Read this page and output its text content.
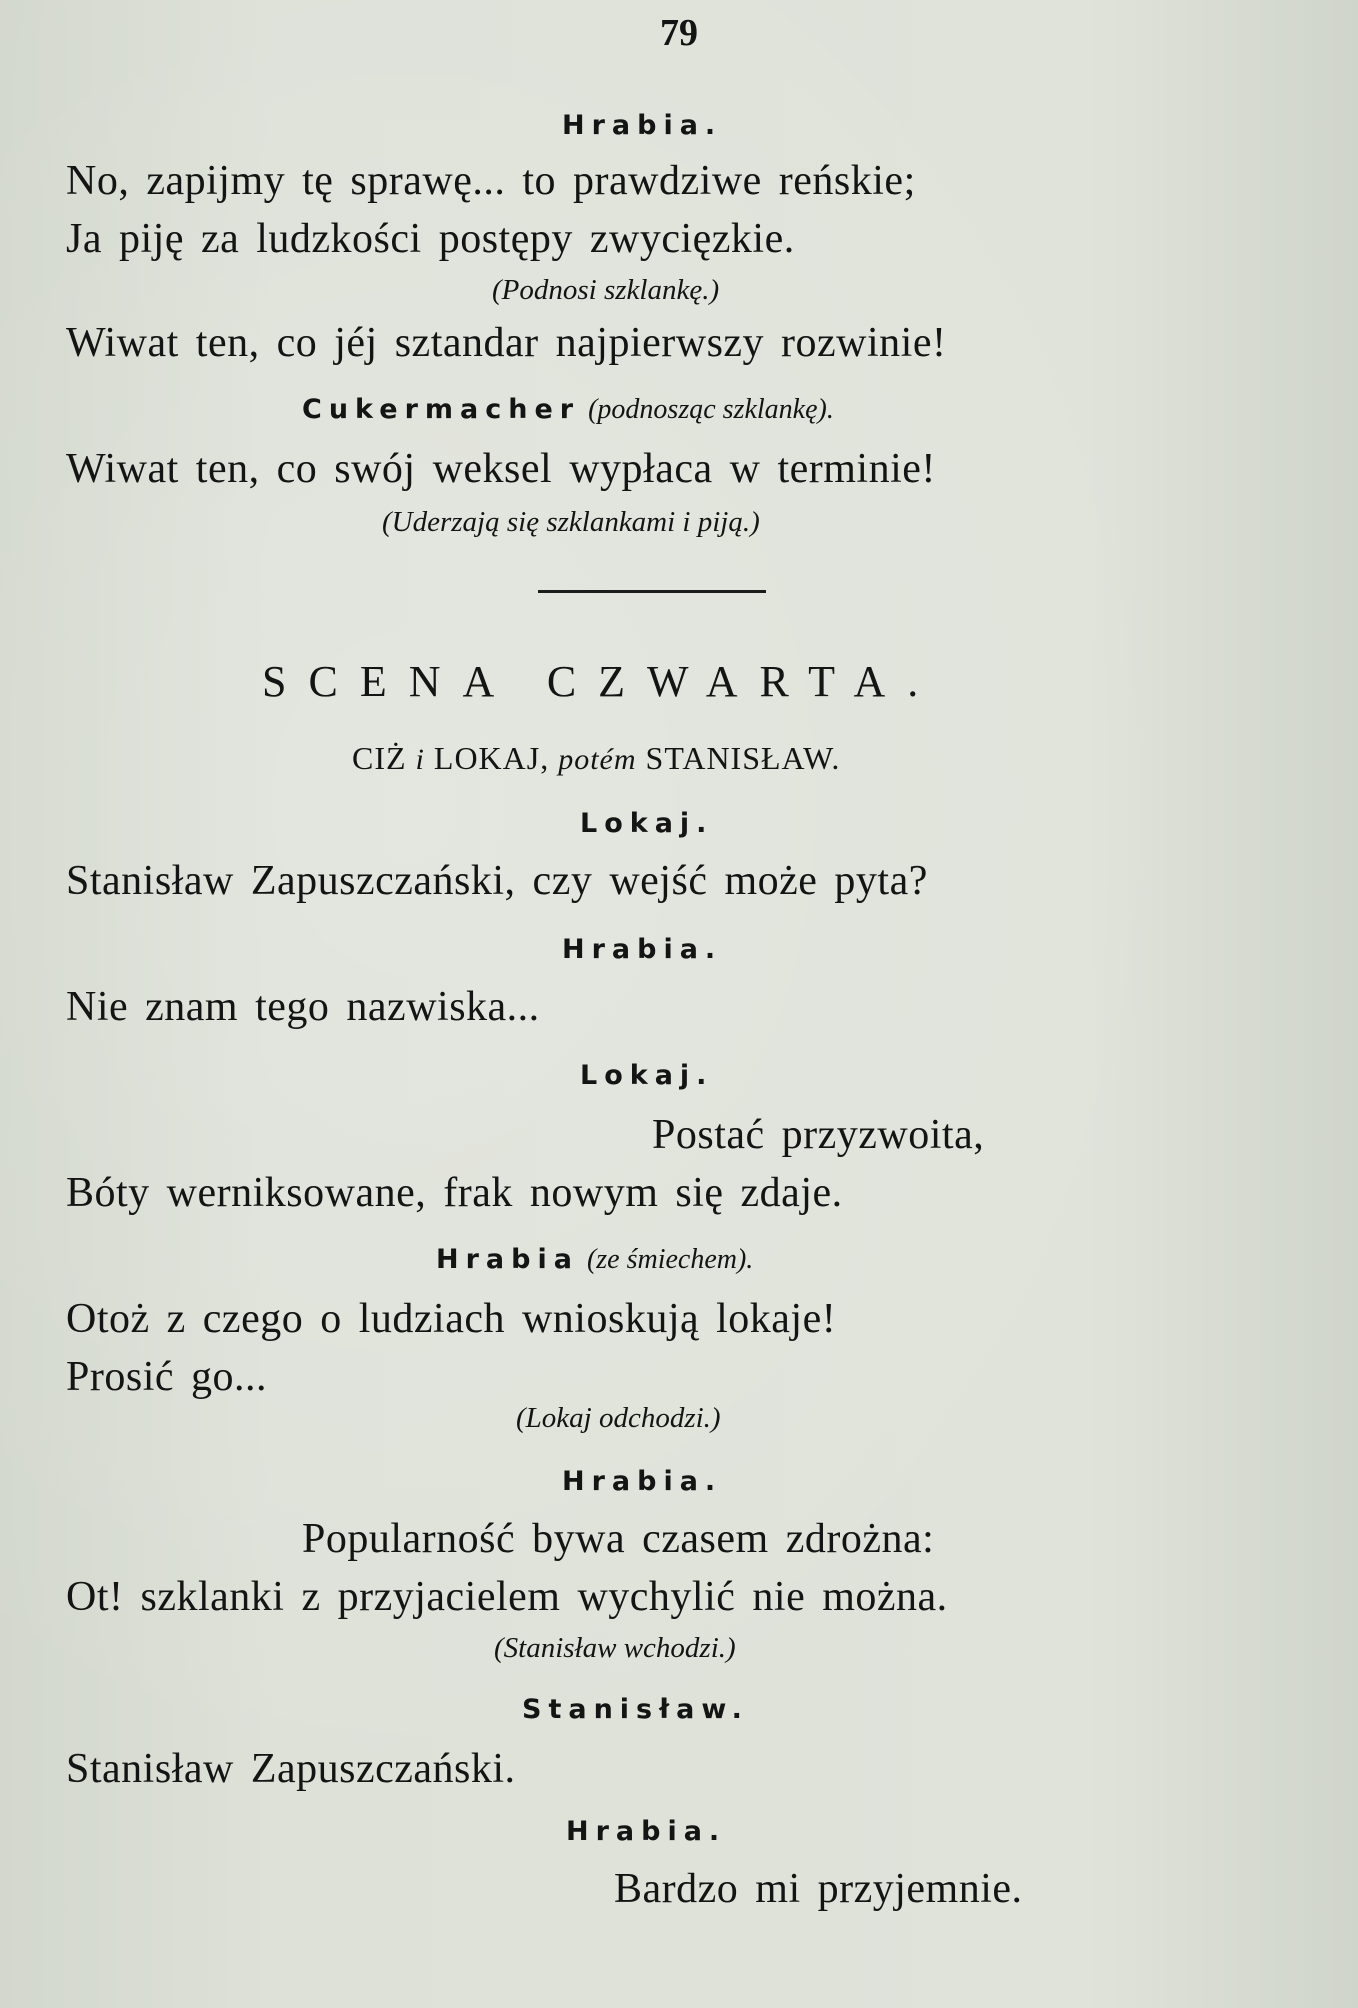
79
Hrabia.
No, zapijmy tę sprawę... to prawdziwe reńskie;
Ja piję za ludzkości postępy zwycięzkie.
(Podnosi szklankę.)
Wiwat ten, co jéj sztandar najpierwszy rozwinie!
Cukermacher (podnosząc szklankę).
Wiwat ten, co swój weksel wypłaca w terminie!
(Uderzają się szklankami i piją.)
SCENA CZWARTA.
CIŻ i LOKAJ, potém STANISŁAW.
Lokaj.
Stanisław Zapuszczański, czy wejść może pyta?
Hrabia.
Nie znam tego nazwiska...
Lokaj.
Postać przyzwoita,
Bóty werniksowane, frak nowym się zdaje.
Hrabia (ze śmiechem).
Otoż z czego o ludziach wnioskują lokaje!
Prosić go...
(Lokaj odchodzi.)
Hrabia.
Popularność bywa czasem zdrożna:
Ot! szklanki z przyjacielem wychylić nie można.
(Stanisław wchodzi.)
Stanisław.
Stanisław Zapuszczański.
Hrabia.
Bardzo mi przyjemnie.
